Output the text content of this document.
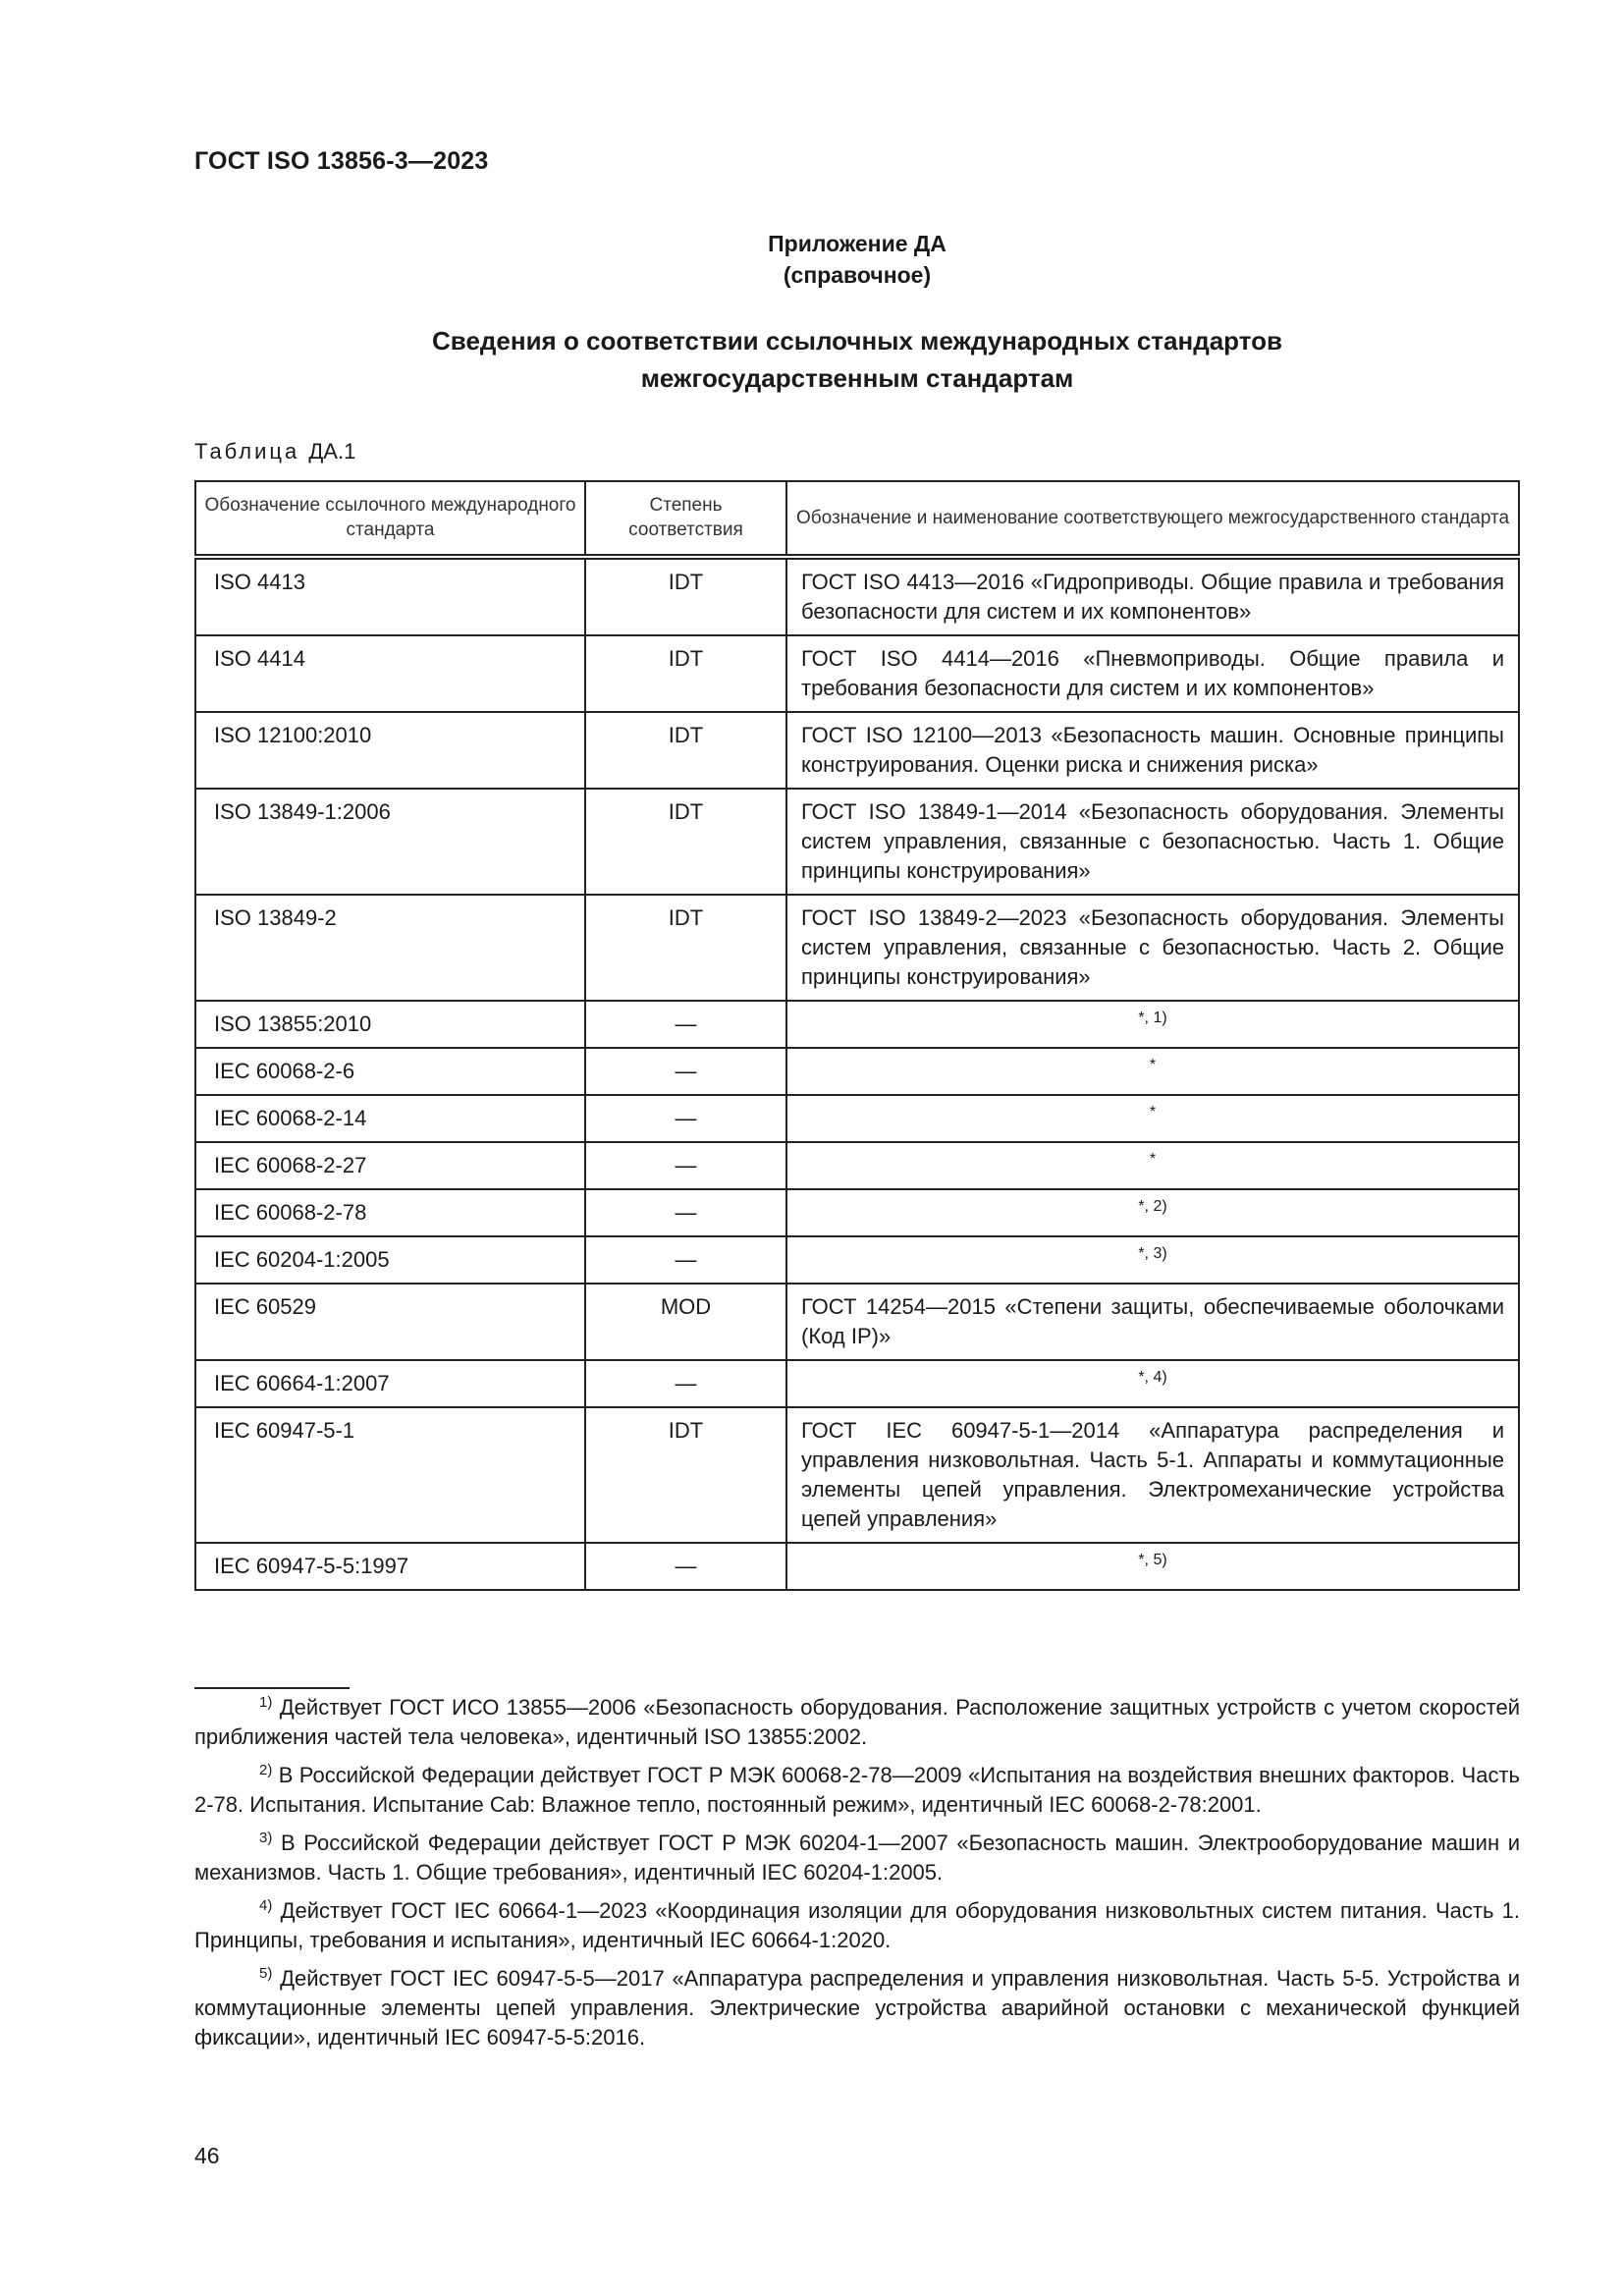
ГОСТ ISO 13856-3—2023
Приложение ДА
(справочное)
Сведения о соответствии ссылочных международных стандартов
межгосударственным стандартам
Таблица ДА.1
Обозначение ссылочного международного стандарта	Степень соответствия	Обозначение и наименование соответствующего межгосударственного стандарта
ISO 4413	IDT	ГОСТ ISO 4413—2016 «Гидроприводы. Общие правила и требования безопасности для систем и их компонентов»
ISO 4414	IDT	ГОСТ ISO 4414—2016 «Пневмоприводы. Общие правила и требования безопасности для систем и их компонентов»
ISO 12100:2010	IDT	ГОСТ ISO 12100—2013 «Безопасность машин. Основные принципы конструирования. Оценки риска и снижения риска»
ISO 13849-1:2006	IDT	ГОСТ ISO 13849-1—2014 «Безопасность оборудования. Элементы систем управления, связанные с безопасностью. Часть 1. Общие принципы конструирования»
ISO 13849-2	IDT	ГОСТ ISO 13849-2—2023 «Безопасность оборудования. Элементы систем управления, связанные с безопасностью. Часть 2. Общие принципы конструирования»
ISO 13855:2010	—	*, 1)
IEC 60068-2-6	—	*
IEC 60068-2-14	—	*
IEC 60068-2-27	—	*
IEC 60068-2-78	—	*, 2)
IEC 60204-1:2005	—	*, 3)
IEC 60529	MOD	ГОСТ 14254—2015 «Степени защиты, обеспечиваемые оболочками (Код IP)»
IEC 60664-1:2007	—	*, 4)
IEC 60947-5-1	IDT	ГОСТ IEC 60947-5-1—2014 «Аппаратура распределения и управления низковольтная. Часть 5-1. Аппараты и коммутационные элементы цепей управления. Электромеханические устройства цепей управления»
IEC 60947-5-5:1997	—	*, 5)

$^{1)}$ Действует ГОСТ ИСО 13855—2006 «Безопасность оборудования. Расположение защитных устройств с учетом скоростей приближения частей тела человека», идентичный ISO 13855:2002.

$^{2)}$ В Российской Федерации действует ГОСТ Р МЭК 60068-2-78—2009 «Испытания на воздействия внешних факторов. Часть 2-78. Испытания. Испытание Cab: Влажное тепло, постоянный режим», идентичный IEC 60068-2-78:2001.

$^{3)}$ В Российской Федерации действует ГОСТ Р МЭК 60204-1—2007 «Безопасность машин. Электрооборудование машин и механизмов. Часть 1. Общие требования», идентичный IEC 60204-1:2005.

$^{4)}$ Действует ГОСТ IEC 60664-1—2023 «Координация изоляции для оборудования низковольтных систем питания. Часть 1. Принципы, требования и испытания», идентичный IEC 60664-1:2020.

$^{5)}$ Действует ГОСТ IEC 60947-5-5—2017 «Аппаратура распределения и управления низковольтная. Часть 5-5. Устройства и коммутационные элементы цепей управления. Электрические устройства аварийной остановки с механической функцией фиксации», идентичный IEC 60947-5-5:2016.

46
